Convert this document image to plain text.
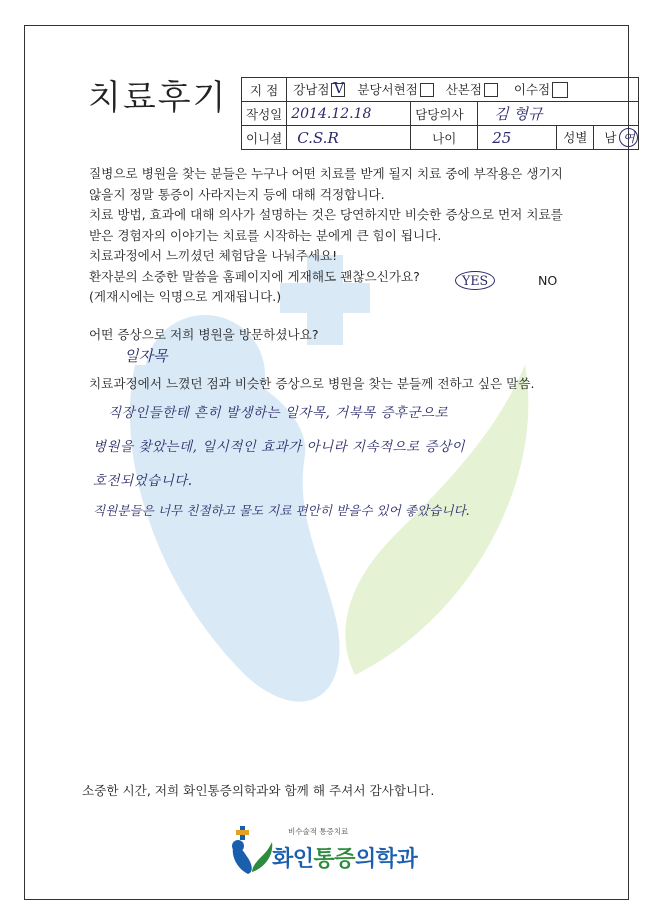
치료후기 지 점	강남점 V 분당서현점 산본점 이수점
작성일	2014.12.18	담당의사	김 형규	
이니셜	C.S.R	나이	25	성별 남 여
질병으로 병원을 찾는 분들은 누구나 어떤 치료를 받게 될지 치료 중에 부작용은 생기지
않을지 정말 통증이 사라지는지 등에 대해 걱정합니다.
치료 방법, 효과에 대해 의사가 설명하는 것은 당연하지만 비슷한 증상으로 먼저 치료를
받은 경험자의 이야기는 치료를 시작하는 분에게 큰 힘이 됩니다.
치료과정에서 느끼셨던 체험담을 나눠주세요!
환자분의 소중한 말씀을 홈페이지에 게재해도 괜찮으신가요?
(게재시에는 익명으로 게재됩니다.)
YES	NO
어떤 증상으로 저희 병원을 방문하셨나요?
일자목
치료과정에서 느꼈던 점과 비슷한 증상으로 병원을 찾는 분들께 전하고 싶은 말씀.
직장인들한테 흔히 발생하는 일자목, 거북목 증후군으로
병원을 찾았는데, 일시적인 효과가 아니라 지속적으로 증상이
호전되었습니다.
직원분들은 너무 친절하고 물도 지료 편안히 받을수 있어 좋았습니다.
소중한 시간, 저희 화인통증의학과와 함께 해 주셔서 감사합니다.
비수술적 통증치료
화인통증의학과
